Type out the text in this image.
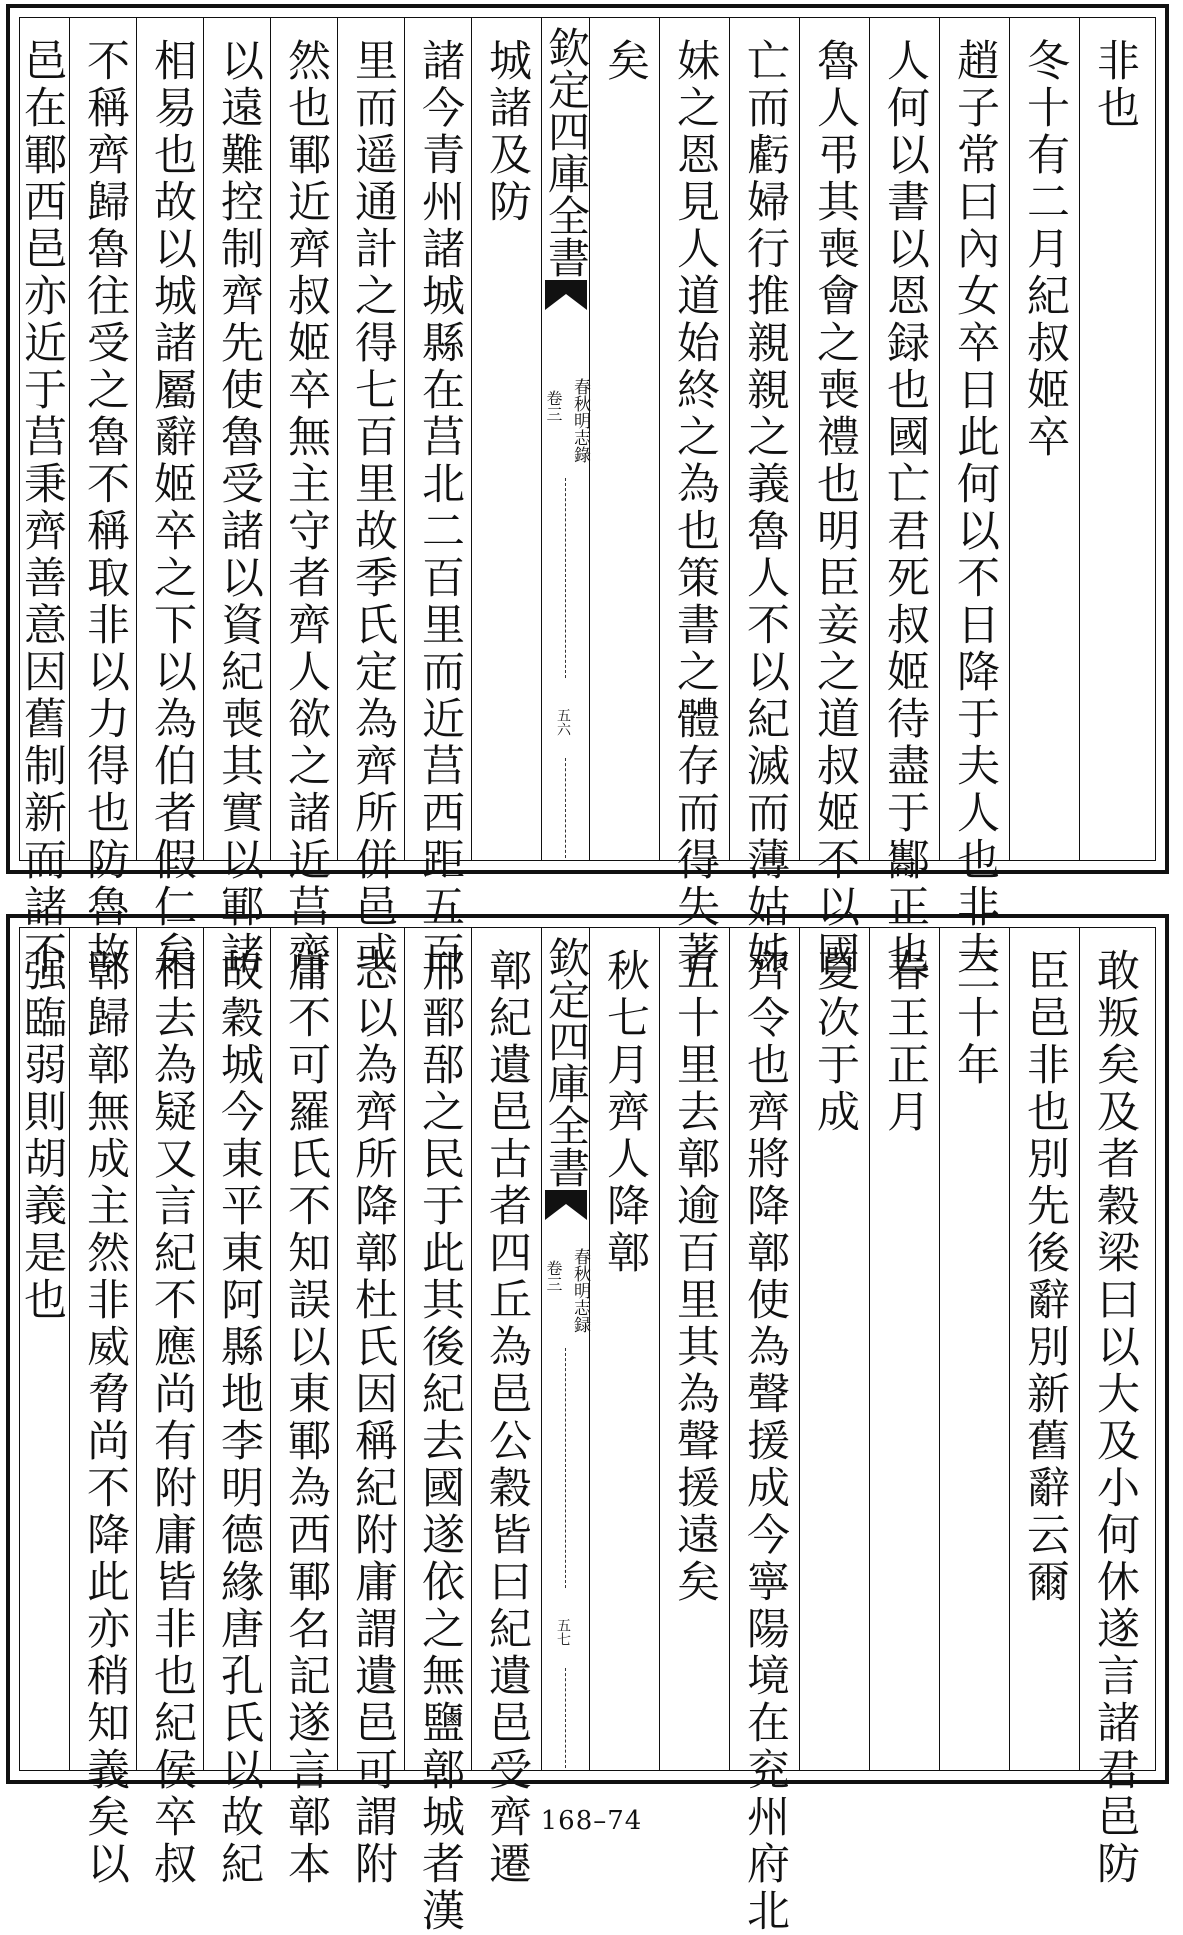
非也
冬十有二月紀叔姬卒
趙子常曰內女卒日此何以不日降于夫人也非夫
人何以書以恩録也國亡君死叔姬待盡于酅正也
魯人弔其喪會之喪禮也明臣妾之道叔姬不以國
亡而虧婦行推親親之義魯人不以紀滅而薄姑姊
妹之恩見人道始終之為也策書之體存而得失著
矣
欽定四庫全書
春秋明志錄
卷三
五六
城諸及防
諸今青州諸城縣在莒北二百里而近莒西距五百
里而遥通計之得七百里故季氏定為齊所併邑或
然也鄆近齊叔姬卒無主守者齊人欲之諸近莒齊
以遠難控制齊先使魯受諸以資紀喪其實以鄆諸
相易也故以城諸屬辭姬卒之下以為伯者假仁矣
不稱齊歸魯往受之魯不稱取非以力得也防魯故
邑在鄆西邑亦近于莒秉齊善意因舊制新而諸不
敢叛矣及者穀梁曰以大及小何休遂言諸君邑防
臣邑非也別先後辭別新舊辭云爾
三十年
春王正月
夏次于成
齊令也齊將降鄣使為聲援成今寧陽境在兖州府北
五十里去鄣逾百里其為聲援遠矣
秋七月齊人降鄣
欽定四庫全書
春秋明志録
卷三
五七
鄣紀遺邑古者四丘為邑公穀皆曰紀遺邑受齊遷
邢鄑郚之民于此其後紀去國遂依之無鹽鄣城者漢
志以為齊所降鄣杜氏因稱紀附庸謂遺邑可謂附
庸不可羅氏不知誤以東鄆為西鄆名記遂言鄣本
故穀城今東平東阿縣地李明德緣唐孔氏以故紀
相去為疑又言紀不應尚有附庸皆非也紀侯卒叔
鄣歸鄣無成主然非威脅尚不降此亦稍知義矣以
强臨弱則胡義是也
168–74
